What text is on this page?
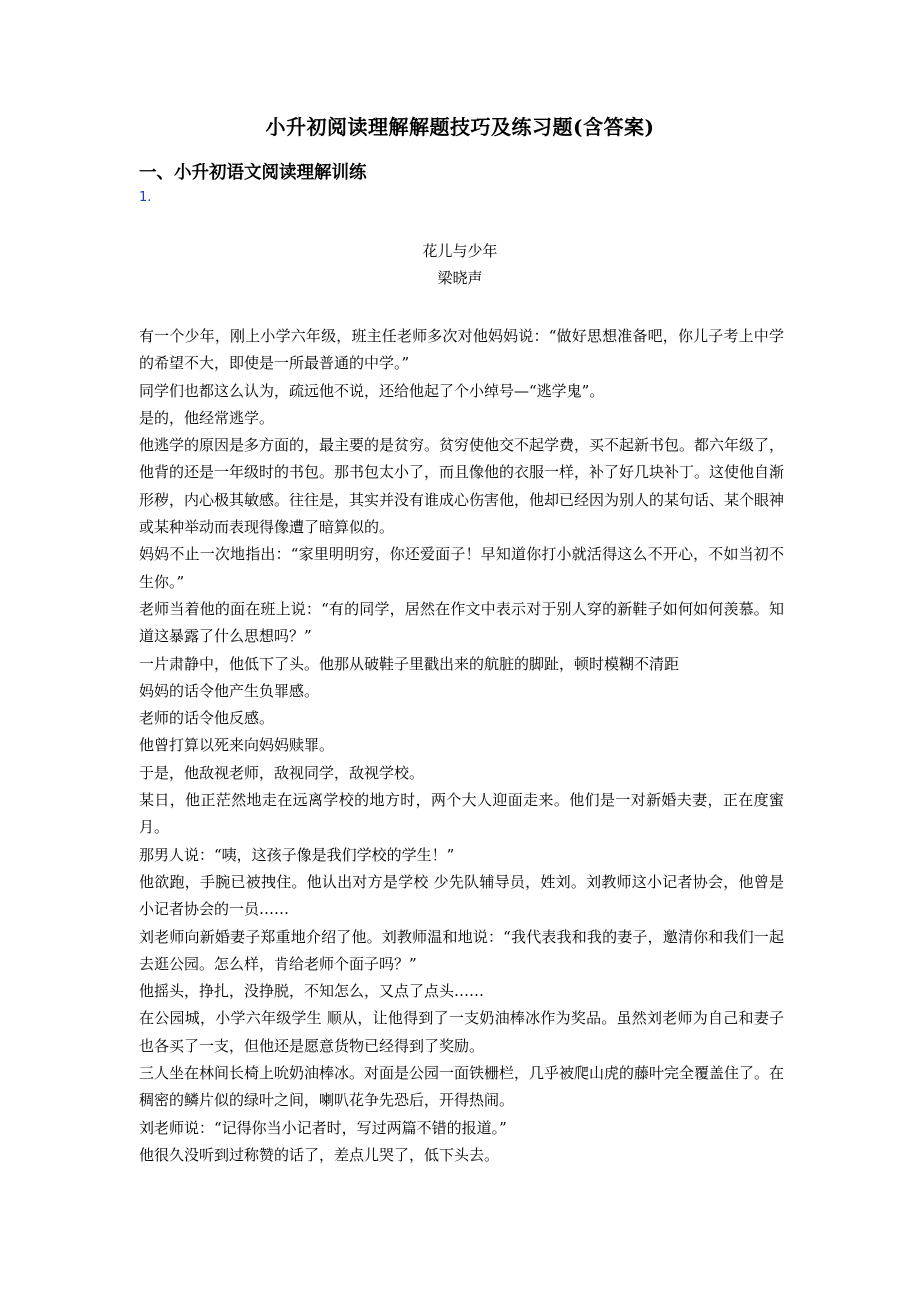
小升初阅读理解解题技巧及练习题(含答案)
一、小升初语文阅读理解训练
1.
花儿与少年
梁晓声

有一个少年，刚上小学六年级，班主任老师多次对他妈妈说：“做好思想准备吧，你儿子考上中学的希望不大，即使是一所最普通的中学。”

同学们也都这么认为，疏远他不说，还给他起了个小绰号—“逃学鬼”。

是的，他经常逃学。

他逃学的原因是多方面的，最主要的是贫穷。贫穷使他交不起学费，买不起新书包。都六年级了，他背的还是一年级时的书包。那书包太小了，而且像他的衣服一样，补了好几块补丁。这使他自渐形秽，内心极其敏感。往往是，其实并没有谁成心伤害他，他却已经因为别人的某句话、某个眼神或某种举动而表现得像遭了暗算似的。

妈妈不止一次地指出：“家里明明穷，你还爱面子！早知道你打小就活得这么不开心，不如当初不生你。”

老师当着他的面在班上说：“有的同学，居然在作文中表示对于别人穿的新鞋子如何如何羡慕。知道这暴露了什么思想吗？”

一片肃静中，他低下了头。他那从破鞋子里戳出来的航脏的脚趾，顿时模糊不清距

妈妈的话令他产生负罪感。

老师的话令他反感。

他曾打算以死来向妈妈赎罪。

于是，他敌视老师，敌视同学，敌视学校。

某日，他正茫然地走在远离学校的地方时，两个大人迎面走来。他们是一对新婚夫妻，正在度蜜月。

那男人说：“咦，这孩子像是我们学校的学生！”

他欲跑，手腕已被拽住。他认出对方是学校 少先队辅导员，姓刘。刘教师这小记者协会，他曾是小记者协会的一员……

刘老师向新婚妻子郑重地介绍了他。刘教师温和地说：“我代表我和我的妻子，邀清你和我们一起去逛公园。怎么样，肯给老师个面子吗？”

他摇头，挣扎，没挣脱，不知怎么，又点了点头……

在公园城，小学六年级学生 顺从，让他得到了一支奶油棒冰作为奖品。虽然刘老师为自己和妻子也各买了一支，但他还是愿意货物已经得到了奖励。

三人坐在林间长椅上吮奶油棒冰。对面是公园一面铁栅栏，几乎被爬山虎的藤叶完全覆盖住了。在稠密的鳞片似的绿叶之间，喇叭花争先恐后，开得热闹。

刘老师说：“记得你当小记者时，写过两篇不错的报道。”

他很久没听到过称赞的话了，差点儿哭了，低下头去。
